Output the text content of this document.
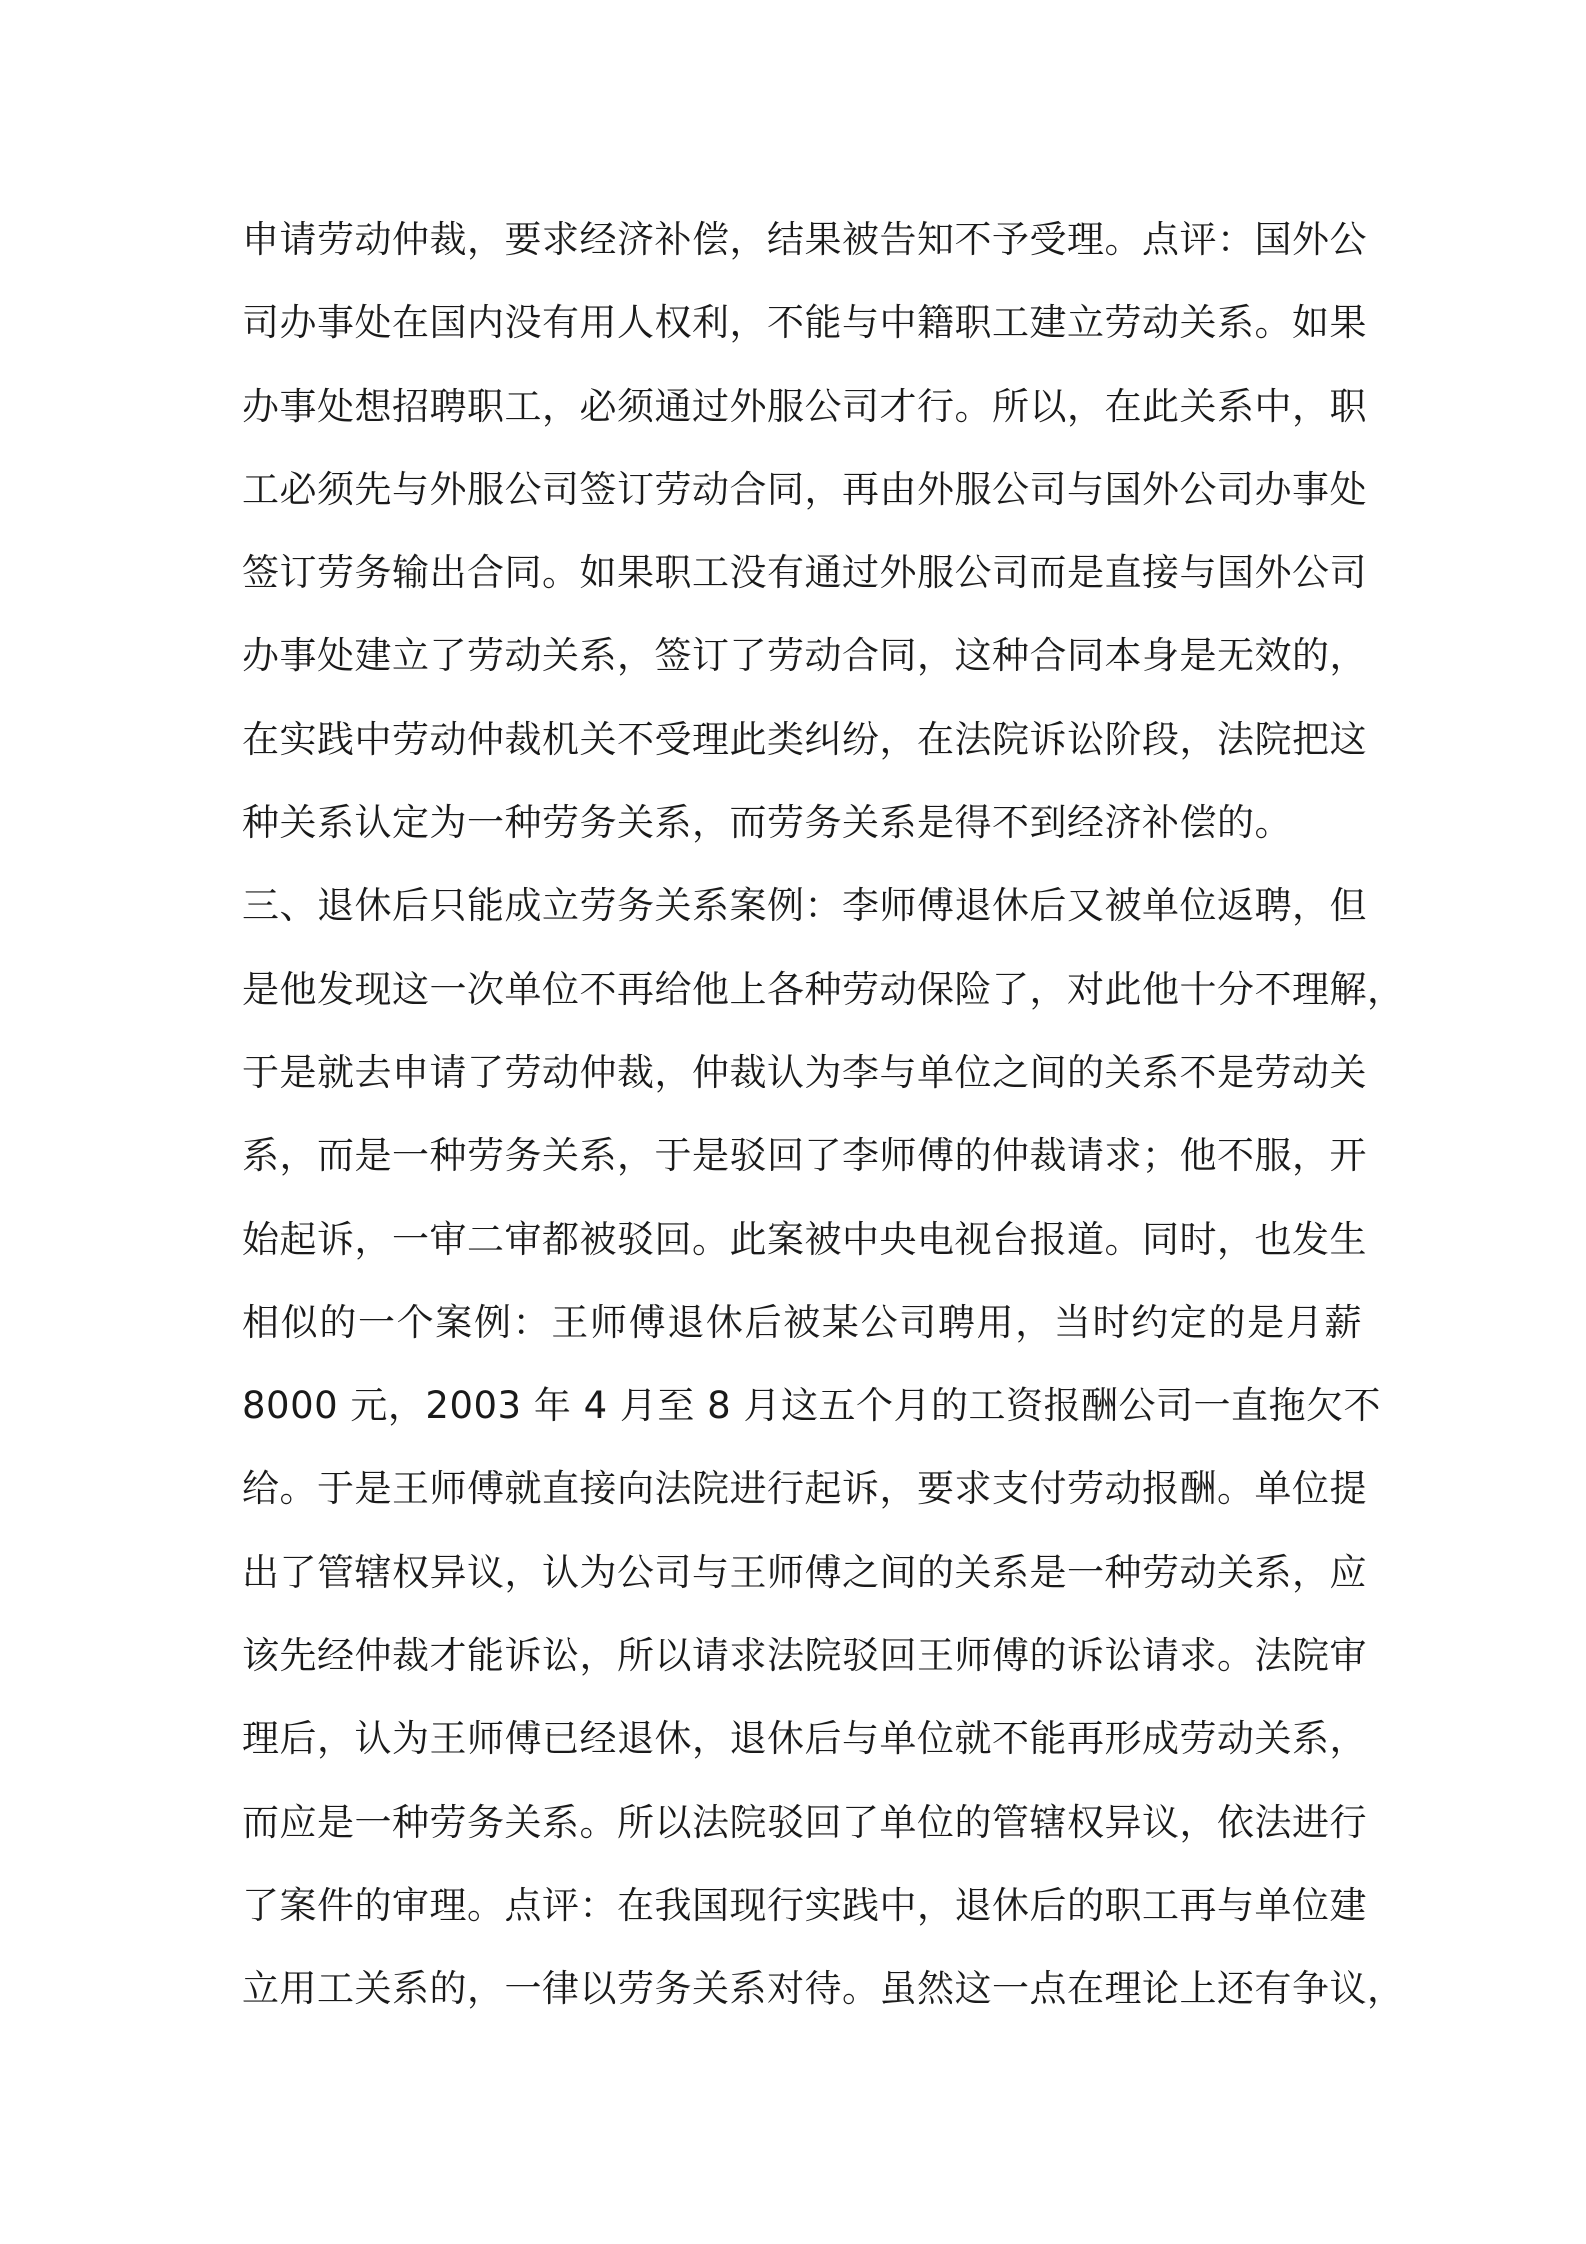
申请劳动仲裁，要求经济补偿，结果被告知不予受理。点评：国外公
司办事处在国内没有用人权利，不能与中籍职工建立劳动关系。如果
办事处想招聘职工，必须通过外服公司才行。所以，在此关系中，职
工必须先与外服公司签订劳动合同，再由外服公司与国外公司办事处
签订劳务输出合同。如果职工没有通过外服公司而是直接与国外公司
办事处建立了劳动关系，签订了劳动合同，这种合同本身是无效的，
在实践中劳动仲裁机关不受理此类纠纷，在法院诉讼阶段，法院把这
种关系认定为一种劳务关系，而劳务关系是得不到经济补偿的。
三、退休后只能成立劳务关系案例：李师傅退休后又被单位返聘，但
是他发现这一次单位不再给他上各种劳动保险了，对此他十分不理解，
于是就去申请了劳动仲裁，仲裁认为李与单位之间的关系不是劳动关
系，而是一种劳务关系，于是驳回了李师傅的仲裁请求；他不服，开
始起诉，一审二审都被驳回。此案被中央电视台报道。同时，也发生
相似的一个案例：王师傅退休后被某公司聘用，当时约定的是月薪
8000 元，2003 年 4 月至 8 月这五个月的工资报酬公司一直拖欠不
给。于是王师傅就直接向法院进行起诉，要求支付劳动报酬。单位提
出了管辖权异议，认为公司与王师傅之间的关系是一种劳动关系，应
该先经仲裁才能诉讼，所以请求法院驳回王师傅的诉讼请求。法院审
理后，认为王师傅已经退休，退休后与单位就不能再形成劳动关系，
而应是一种劳务关系。所以法院驳回了单位的管辖权异议，依法进行
了案件的审理。点评：在我国现行实践中，退休后的职工再与单位建
立用工关系的，一律以劳务关系对待。虽然这一点在理论上还有争议，
